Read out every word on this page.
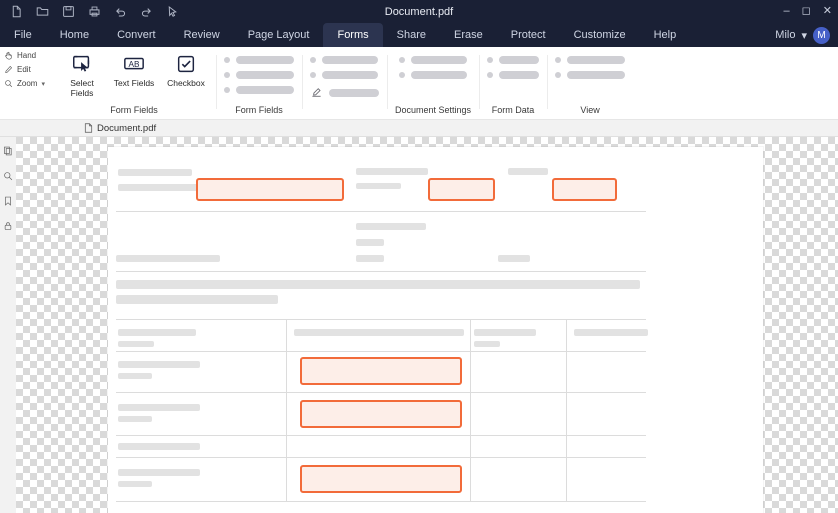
Document.pdf	– ◻ ✕
File	Home	Convert	Review	Page Layout	Forms	Share	Erase	Protect	Customize	Help	Milo ▾	M
Hand
Edit
Zoom ▾	Select Fields
AB
Text Fields Checkbox
Form Fields	Form Fields	Document Settings Form Data	View
Document.pdf
